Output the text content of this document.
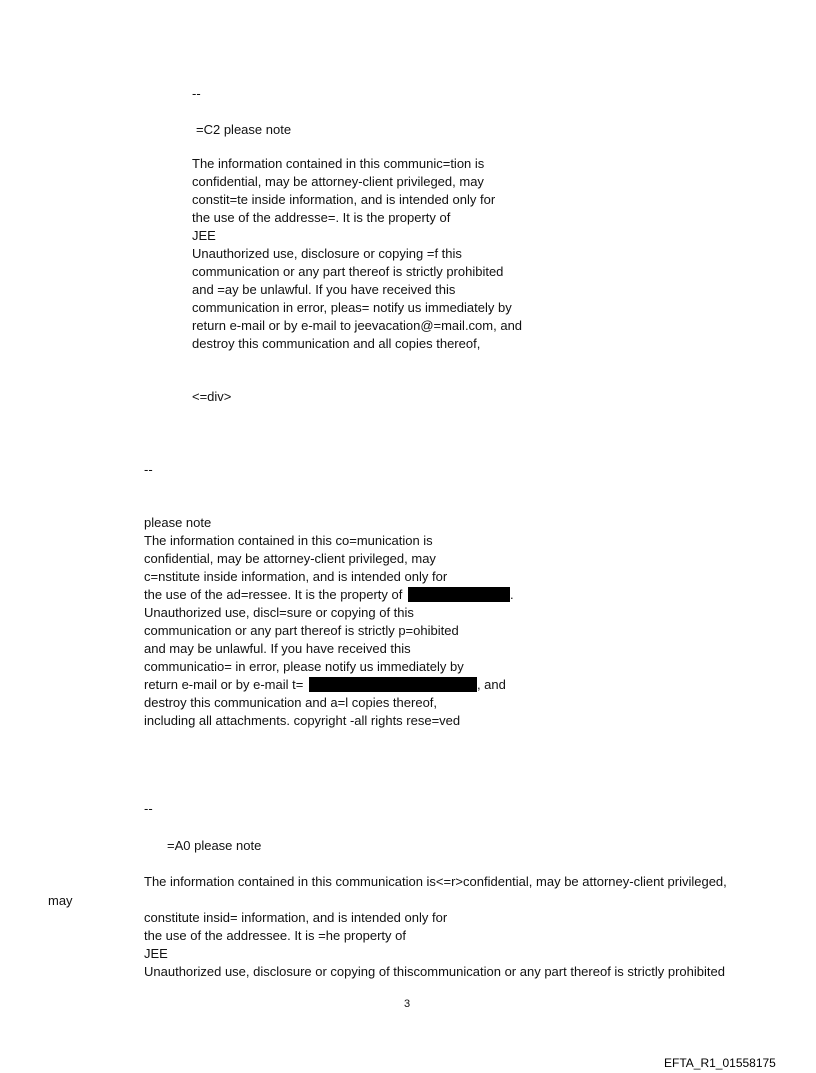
--
=C2 please note
The information contained in this communic=tion is
confidential, may be attorney-client privileged, may
constit=te inside information, and is intended only for
the use of the addresse=. It is the property of
JEE
Unauthorized use, disclosure or copying =f this
communication or any part thereof is strictly prohibited
and =ay be unlawful. If you have received this
communication in error, pleas= notify us immediately by
return e-mail or by e-mail to jeevacation@=mail.com, and
destroy this communication and all copies thereof,
<=div>
--
please note
The information contained in this co=munication is
confidential, may be attorney-client privileged, may
c=nstitute inside information, and is intended only for
the use of the ad=ressee. It is the property of	.
Unauthorized use, discl=sure or copying of this
communication or any part thereof is strictly p=ohibited
and may be unlawful. If you have received this
communicatio= in error, please notify us immediately by
return e-mail or by e-mail t=	, and
destroy this communication and a=l copies thereof,
including all attachments. copyright -all rights rese=ved
--
=A0 please note
The information contained in this communication is<=r>confidential, may be attorney-client privileged,
may
constitute insid= information, and is intended only for
the use of the addressee. It is =he property of
JEE
Unauthorized use, disclosure or copying of thiscommunication or any part thereof is strictly prohibited
3
EFTA_R1_01558175
